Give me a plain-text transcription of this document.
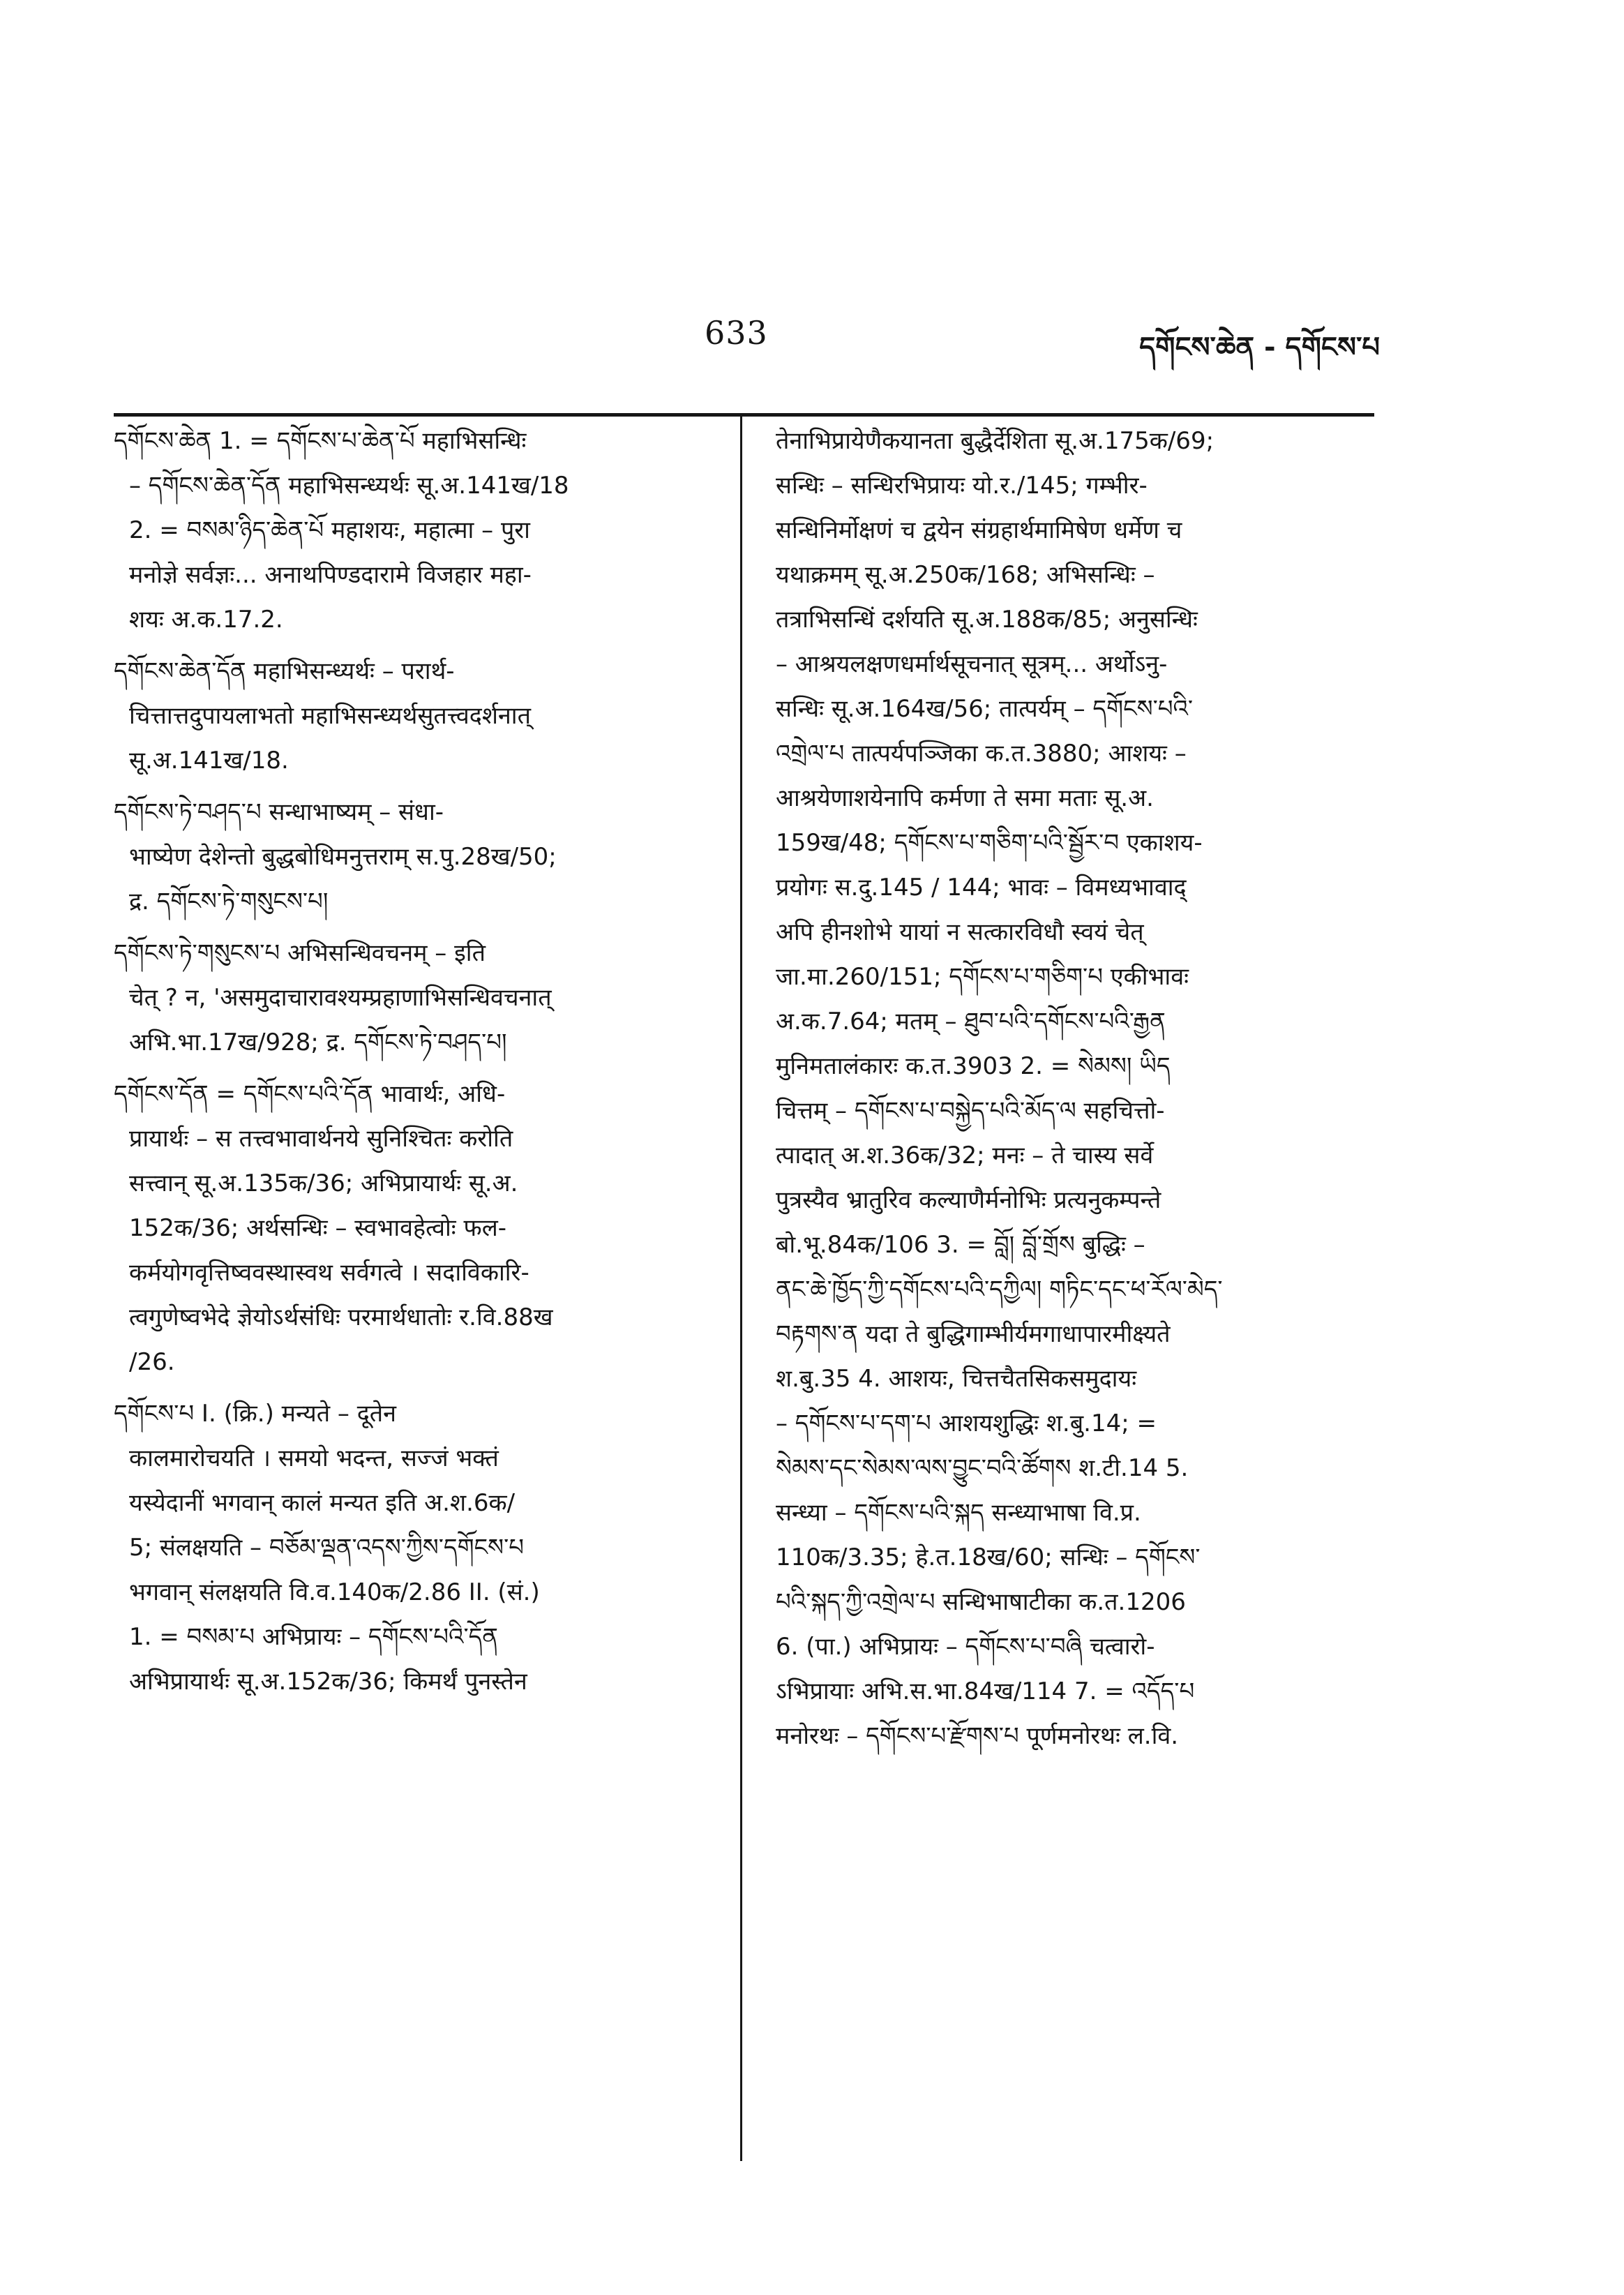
633	དགོངས་ཆེན - དགོངས་པ
དགོངས་ཆེན 1. = དགོངས་པ་ཆེན་པོ महाभिसन्धिः
– དགོངས་ཆེན་དོན महाभिसन्ध्यर्थः सू.अ.141ख/18
2. = བསམ་ཉིད་ཆེན་པོ महाशयः, महात्मा – पुरा
मनोज्ञे सर्वज्ञः... अनाथपिण्डदारामे विजहार महा-
शयः अ.क.17.2.
དགོངས་ཆེན་དོན महाभिसन्ध्यर्थः – परार्थ-
चित्तात्तदुपायलाभतो महाभिसन्ध्यर्थसुतत्त्वदर्शनात्
सू.अ.141ख/18.
དགོངས་ཏེ་བཤད་པ सन्धाभाष्यम् – संधा-
भाष्येण देशेन्तो बुद्धबोधिमनुत्तराम् स.पु.28ख/50;
द्र. དགོངས་ཏེ་གསུངས་པ།
དགོངས་ཏེ་གསུངས་པ अभिसन्धिवचनम् – इति
चेत् ? न, 'असमुदाचारावश्यम्प्रहाणाभिसन्धिवचनात्
अभि.भा.17ख/928; द्र. དགོངས་ཏེ་བཤད་པ།
དགོངས་དོན = དགོངས་པའི་དོན भावार्थः, अधि-
प्रायार्थः – स तत्त्वभावार्थनये सुनिश्चितः करोति
सत्त्वान् सू.अ.135क/36; अभिप्रायार्थः सू.अ.
152क/36; अर्थसन्धिः – स्वभावहेत्वोः फल-
कर्मयोगवृत्तिष्ववस्थास्वथ सर्वगत्वे । सदाविकारि-
त्वगुणेष्वभेदे ज्ञेयोऽर्थसंधिः परमार्थधातोः र.वि.88ख
/26.
དགོངས་པ I. (क्रि.) मन्यते – दूतेन
कालमारोचयति । समयो भदन्त, सज्जं भक्तं
यस्येदानीं भगवान् कालं मन्यत इति अ.श.6क/
5; संलक्षयति – བཅོམ་ལྡན་འདས་ཀྱིས་དགོངས་པ
भगवान् संलक्षयति वि.व.140क/2.86 II. (सं.)
1. = བསམ་པ अभिप्रायः – དགོངས་པའི་དོན
अभिप्रायार्थः सू.अ.152क/36; किमर्थं पुनस्तेन
तेनाभिप्रायेणैकयानता बुद्धैर्देशिता सू.अ.175क/69;
सन्धिः – सन्धिरभिप्रायः यो.र./145; गम्भीर-
सन्धिनिर्मोक्षणं च द्वयेन संग्रहार्थमामिषेण धर्मेण च
यथाक्रमम् सू.अ.250क/168; अभिसन्धिः –
तत्राभिसन्धिं दर्शयति सू.अ.188क/85; अनुसन्धिः
– आश्रयलक्षणधर्मार्थसूचनात् सूत्रम्... अर्थोऽनु-
सन्धिः सू.अ.164ख/56; तात्पर्यम् – དགོངས་པའི་
འགྲེལ་པ तात्पर्यपञ्जिका क.त.3880; आशयः –
आश्रयेणाशयेनापि कर्मणा ते समा मताः सू.अ.
159ख/48; དགོངས་པ་གཅིག་པའི་སྦྱོར་བ एकाशय-
प्रयोगः स.दु.145 / 144; भावः – विमध्यभावाद्
अपि हीनशोभे यायां न सत्कारविधौ स्वयं चेत्
जा.मा.260/151; དགོངས་པ་གཅིག་པ एकीभावः
अ.क.7.64; मतम् – ཐུབ་པའི་དགོངས་པའི་རྒྱན
मुनिमतालंकारः क.त.3903 2. = སེམས། ཡིད
चित्तम् – དགོངས་པ་བསྐྱེད་པའི་མོད་ལ सहचित्तो-
त्पादात् अ.श.36क/32; मनः – ते चास्य सर्वे
पुत्रस्यैव भ्रातुरिव कल्याणैर्मनोभिः प्रत्यनुकम्पन्ते
बो.भू.84क/106 3. = བློ། བློ་གྲོས बुद्धिः –
ནང་ཆེ་ཁྱོད་ཀྱི་དགོངས་པའི་དཀྱིལ། གཏིང་དང་ཕ་རོལ་མེད་
བརྟགས་ན यदा ते बुद्धिगाम्भीर्यमगाधापारमीक्ष्यते
श.बु.35 4. आशयः, चित्तचैतसिकसमुदायः
– དགོངས་པ་དག་པ आशयशुद्धिः श.बु.14; =
སེམས་དང་སེམས་ལས་བྱུང་བའི་ཚོགས श.टी.14 5.
सन्ध्या – དགོངས་པའི་སྐད सन्ध्याभाषा वि.प्र.
110क/3.35; हे.त.18ख/60; सन्धिः – དགོངས་
པའི་སྐད་ཀྱི་འགྲེལ་པ सन्धिभाषाटीका क.त.1206
6. (पा.) अभिप्रायः – དགོངས་པ་བཞི चत्वारो-
ऽभिप्रायाः अभि.स.भा.84ख/114 7. = འདོད་པ
मनोरथः – དགོངས་པ་རྫོགས་པ पूर्णमनोरथः ल.वि.
